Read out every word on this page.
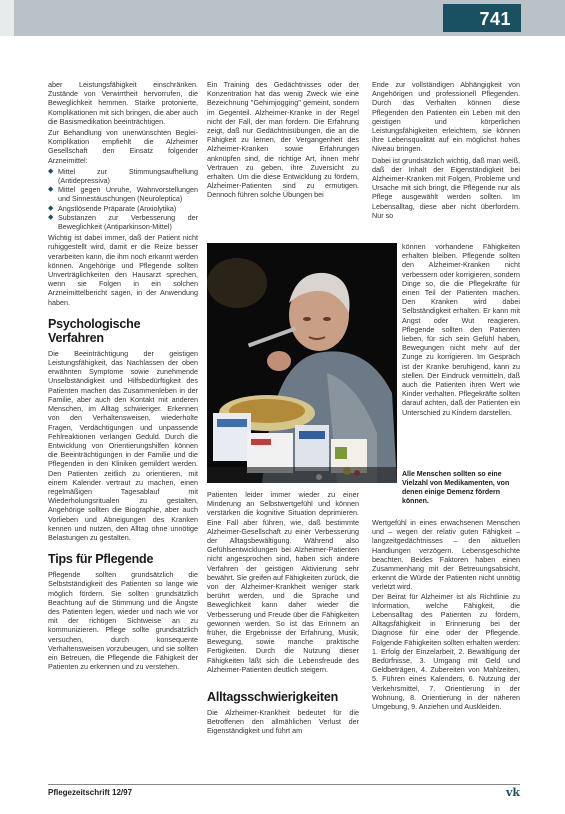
741

aber Leistungsfähigkeit einschränken. Zustände von Verwirrtheit hervorrufen, die Beweglichkeit hemmen. Starke protonierte, Komplikationen mit sich bringen, die aber auch die Basismedikation beeinträchtigen.

Zur Behandlung von unerwünschten Beglei-Komplikation empfiehlt die Alzheimer Gesellschaft den Einsatz folgender Arzneimittel:

◆ Mittel zur Stimmungsaufhellung (Antidepressiva)
◆ Mittel gegen Unruhe, Wahnvorstellungen und Sinnestäuschungen (Neuroleptica)
◆ Angstlösende Präparate (Anxiolytika)
◆ Substanzen zur Verbesserung der Beweglichkeit (Antiparkinson-Mittel)

Wichtig ist dabei immer, daß der Patient nicht ruhiggestellt wird, damit er die Reize besser verarbeiten kann, die ihm noch erkannt werden können. Angehörige und Pflegende sollten Unverträglichkeiten den Hausarzt sprechen, wenn sie Folgen in ein solchen Arzneimittelbericht sagen, in der Anwendung haben.

Psychologische Verfahren

Die Beeinträchtigung der geistigen Leistungsfähigkeit, das Nachlassen der oben erwähnten Symptome sowie zunehmende Unselbständigkeit und Hilfsbedürftigkeit des Patienten machen das Zusammenleben in der Familie, aber auch den Kontakt mit anderen Menschen, im Alltag schwieriger. Erkennen von den Verhaltensweisen, wiederholte Fragen, Verdächtigungen und unpassende Fehlreaktionen verlangen Geduld. Durch die Entwicklung von Orientierungshilfen können die Beeinträchtigungen in der Familie und die Pflegenden in den Kliniken gemildert werden. Den Patienten zeitlich zu orientieren, mit einem Kalender vertraut zu machen, einen regelmäßigen Tagesablauf mit Wiederholungsritualen zu gestalten, Angehörige sollten die Biographie, aber auch Vorlieben und Abneigungen des Kranken kennen und nutzen, den Alltag ohne unnötige Belastungen zu gestalten.

Tips für Pflegende

Pflegende sollten grundsätzlich die Selbstständigkeit des Patienten so lange wie möglich fördern. Sie sollten grundsätzlich Beachtung auf die Stimmung und die Ängste des Patienten legen, wieder und nach wie vor mit der richtigen Sichtweise an zu kommunizieren. Pflege sollte grundsätzlich versuchen, durch konsequente Verhaltensweisen vorzubeugen, und sie sollten ein Betreuen, die Pflegende die Fähigkeit der Patienten zu erkennen und zu verstehen.

Ein Training des Gedächtnisses oder der Konzentration hat das wenig Zweck wie eine Bezeichnung "Gehirnjogging" gemeint, sondern im Gegenteil. Alzheimer-Kranke in der Regel nicht der Fall, der man fordern. Die Erfahrung zeigt, daß nur Gedächtnisübungen, die an die Fähigkeit zu lernen, der Vergangenheit des Alzheimer-Kranken sowie Erfahrungen anknüpfen sind, die richtige Art, ihnen mehr Vertrauen zu geben, ihre Zuversicht zu erhalten. Um die diese Entwicklung zu fördern, Alzheimer-Patienten sind zu ermutigen. Dennoch führen solche Übungen bei

Patienten leider immer wieder zu einer Minderung an Selbstwertgefühl und können verstärken die kognitive Situation deprimieren. Eine Fall aber führen, wie, daß bestimmte Alzheimer-Gesellschaft zu einer Verbesserung der Alltagsbewältigung. Während also Gefühlsentwicklungen bei Alzheimer-Patienten nicht angesprochen sind, haben sich andere Verfahren der geistigen Aktivierung sehr bewährt. Sie greifen auf Fähigkeiten zurück, die von der Alzheimer-Krankheit weniger stark berührt werden, und die Sprache und Beweglichkeit kann daher wieder die Verbesserung und Freude über die Fähigkeiten gewonnen werden. So ist das Erinnern an früher, die Ergebnisse der Erfahrung, Musik, Bewegung, sowie manche praktische Fertigkeiten. Durch die Nutzung dieser Fähigkeiten läßt sich die Lebensfreude des Alzheimer-Patienten deutlich steigern.

Alltagsschwierigkeiten

Die Alzheimer-Krankheit bedeutet für die Betroffenen den allmählichen Verlust der Eigenständigkeit und führt am

Ende zur vollständigen Abhängigkeit von Angehörigen und professionell Pflegenden. Durch das Verhalten können diese Pflegenden den Patienten ein Leben mit den geistigen und körperlichen Leistungsfähigkeiten erleichtern, sie können ihre Lebensqualität auf ein möglichst hohes Niveau bringen.

Dabei ist grundsätzlich wichtig, daß man weiß, daß der Inhalt der Eigenständigkeit bei Alzheimer-Kranken mit Folgen, Probleme und Ursache mit sich bringt, die Pflegende nur als Pflege ausgewählt werden sollten. Im Lebensalltag, diese aber nicht überfordern. Nur so

können vorhandene Fähigkeiten erhalten bleiben. Pflegende sollten den Alzheimer-Kranken nicht verbessern oder korrigieren, sondern Dinge so, die die Pflegekräfte für einen Teil der Patienten machen. Den Kranken wird dabei Selbständigkeit erhalten. Er kann mit Angst oder Wut reagieren. Pflegende sollten den Patienten lieben, für sich sein Gefühl haben, Bewegungen nicht mehr auf der Zunge zu korrigieren. Im Gespräch ist der Kranke beruhigend, kann zu stellen. Der Eindruck vermitteln, daß auch die Patienten ihren Wert wie Kinder verhalten. Pflegekräfte sollten darauf achten, daß der Patienten ein Unterschied zu Kindern darstellen.

Alle Menschen sollten so eine Vielzahl von Medikamenten, von denen einige Demenz fördern können.

Wertgefühl in eines erwachsenen Menschen und – wegen der relativ guten Fähigkeit – langzeitgedächtnisses – den aktuellen Handlungen verzögern. Lebensgeschichte beachten. Beides Faktoren haben einen Zusammenhang mit der Betreuungsabsicht, erkennt die Würde der Patienten nicht unnötig verletzt wird.

Der Beirat für Alzheimer ist als Richtlinie zu Information, welche Fähigkeit, die Lebensalltag des Patienten zu fördern, Alltagsfähigkeit in Erinnerung bei der Diagnose für eine oder der Pflegende. Folgende Fähigkeiten sollten erhalten werden: 1. Erfolg der Einzelarbeit, 2. Bewältigung der Bedürfnisse, 3. Umgang mit Geld und Geldbeträgen, 4. Zubereiten von Mahlzeiten, 5. Führen eines Kalenders, 6. Nutzung der Verkehrsmittel, 7. Orientierung in der Wohnung, 8. Orientierung in der näheren Umgebung, 9. Anziehen und Auskleiden.

Pflegezeitschrift 12/97	vk
